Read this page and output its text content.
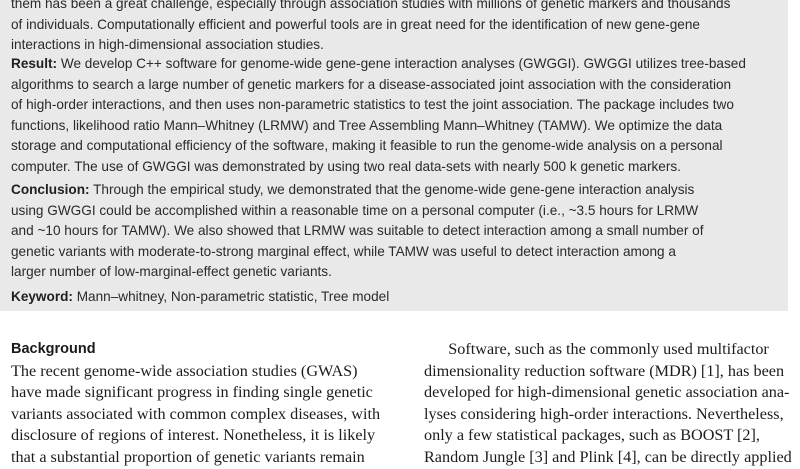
them has been a great challenge, especially through association studies with millions of genetic markers and thousands
of individuals. Computationally efficient and powerful tools are in great need for the identification of new gene-gene
interactions in high-dimensional association studies.
Result: We develop C++ software for genome-wide gene-gene interaction analyses (GWGGI). GWGGI utilizes tree-based
algorithms to search a large number of genetic markers for a disease-associated joint association with the consideration
of high-order interactions, and then uses non-parametric statistics to test the joint association. The package includes two
functions, likelihood ratio Mann–Whitney (LRMW) and Tree Assembling Mann–Whitney (TAMW). We optimize the data
storage and computational efficiency of the software, making it feasible to run the genome-wide analysis on a personal
computer. The use of GWGGI was demonstrated by using two real data-sets with nearly 500 k genetic markers.
Conclusion: Through the empirical study, we demonstrated that the genome-wide gene-gene interaction analysis
using GWGGI could be accomplished within a reasonable time on a personal computer (i.e., ~3.5 hours for LRMW
and ~10 hours for TAMW). We also showed that LRMW was suitable to detect interaction among a small number of
genetic variants with moderate-to-strong marginal effect, while TAMW was useful to detect interaction among a
larger number of low-marginal-effect genetic variants.
Keyword: Mann–whitney, Non-parametric statistic, Tree model
Background
The recent genome-wide association studies (GWAS)
have made significant progress in finding single genetic
variants associated with common complex diseases, with
disclosure of regions of interest. Nonetheless, it is likely
that a substantial proportion of genetic variants remain
Software, such as the commonly used multifactor
dimensionality reduction software (MDR) [1], has been
developed for high-dimensional genetic association ana-
lyses considering high-order interactions. Nevertheless,
only a few statistical packages, such as BOOST [2],
Random Jungle [3] and Plink [4], can be directly applied
